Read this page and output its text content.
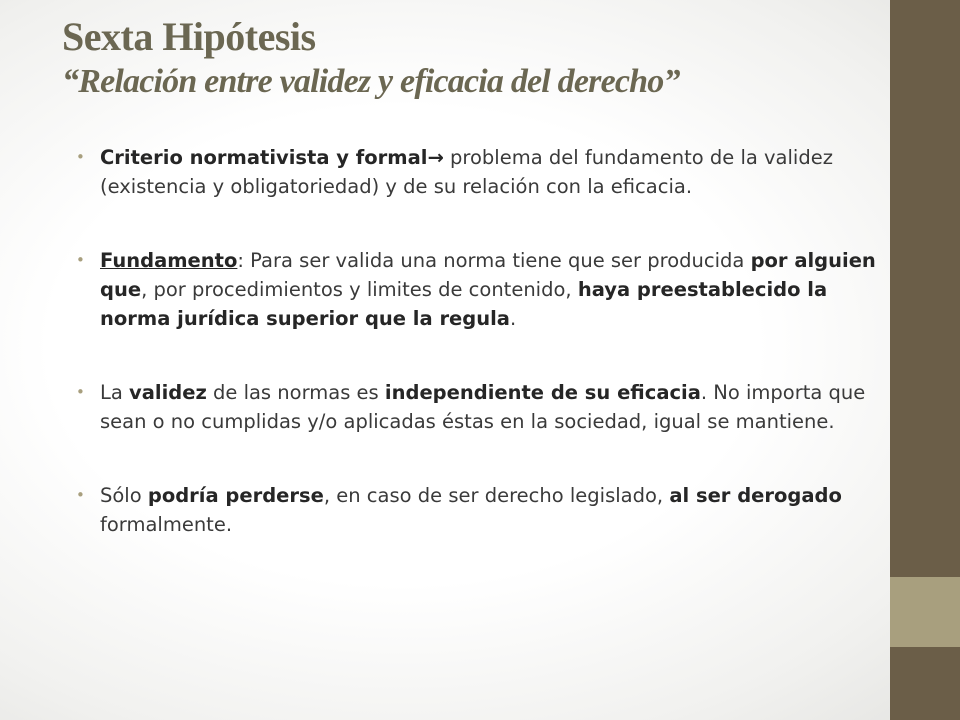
Sexta Hipótesis
“Relación entre validez y eficacia del derecho”
• Criterio normativista y formal→ problema del fundamento de la validez (existencia y obligatoriedad) y de su relación con la eficacia.
• Fundamento: Para ser valida una norma tiene que ser producida por alguien que, por procedimientos y limites de contenido, haya preestablecido la norma jurídica superior que la regula.
• La validez de las normas es independiente de su eficacia. No importa que sean o no cumplidas y/o aplicadas éstas en la sociedad, igual se mantiene.
• Sólo podría perderse, en caso de ser derecho legislado, al ser derogado formalmente.
